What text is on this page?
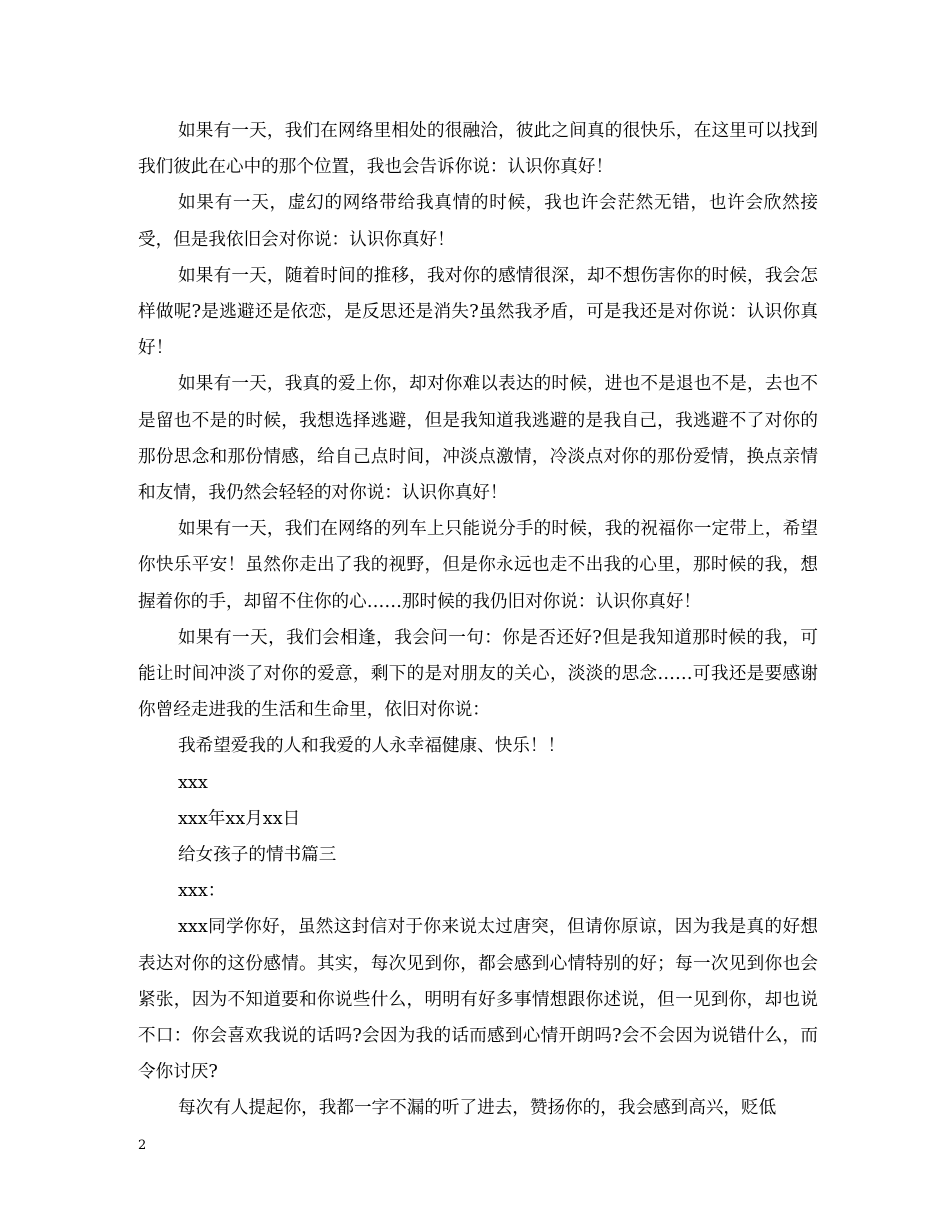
如果有一天，我们在网络里相处的很融洽，彼此之间真的很快乐，在这里可以找到我们彼此在心中的那个位置，我也会告诉你说：认识你真好！

如果有一天，虚幻的网络带给我真情的时候，我也许会茫然无错，也许会欣然接受，但是我依旧会对你说：认识你真好！

如果有一天，随着时间的推移，我对你的感情很深，却不想伤害你的时候，我会怎样做呢?是逃避还是依恋，是反思还是消失?虽然我矛盾，可是我还是对你说：认识你真好！

如果有一天，我真的爱上你，却对你难以表达的时候，进也不是退也不是，去也不是留也不是的时候，我想选择逃避，但是我知道我逃避的是我自己，我逃避不了对你的那份思念和那份情感，给自己点时间，冲淡点激情，冷淡点对你的那份爱情，换点亲情和友情，我仍然会轻轻的对你说：认识你真好！

如果有一天，我们在网络的列车上只能说分手的时候，我的祝福你一定带上，希望你快乐平安！虽然你走出了我的视野，但是你永远也走不出我的心里，那时候的我，想握着你的手，却留不住你的心……那时候的我仍旧对你说：认识你真好！

如果有一天，我们会相逢，我会问一句：你是否还好?但是我知道那时候的我，可能让时间冲淡了对你的爱意，剩下的是对朋友的关心，淡淡的思念……可我还是要感谢你曾经走进我的生活和生命里，依旧对你说：

我希望爱我的人和我爱的人永幸福健康、快乐！！

xxx

xxx年xx月xx日

给女孩子的情书篇三

xxx：

xxx同学你好，虽然这封信对于你来说太过唐突，但请你原谅，因为我是真的好想表达对你的这份感情。其实，每次见到你，都会感到心情特别的好；每一次见到你也会紧张，因为不知道要和你说些什么，明明有好多事情想跟你述说，但一见到你，却也说不口：你会喜欢我说的话吗?会因为我的话而感到心情开朗吗?会不会因为说错什么，而令你讨厌?

每次有人提起你，我都一字不漏的听了进去，赞扬你的，我会感到高兴，贬低

2
